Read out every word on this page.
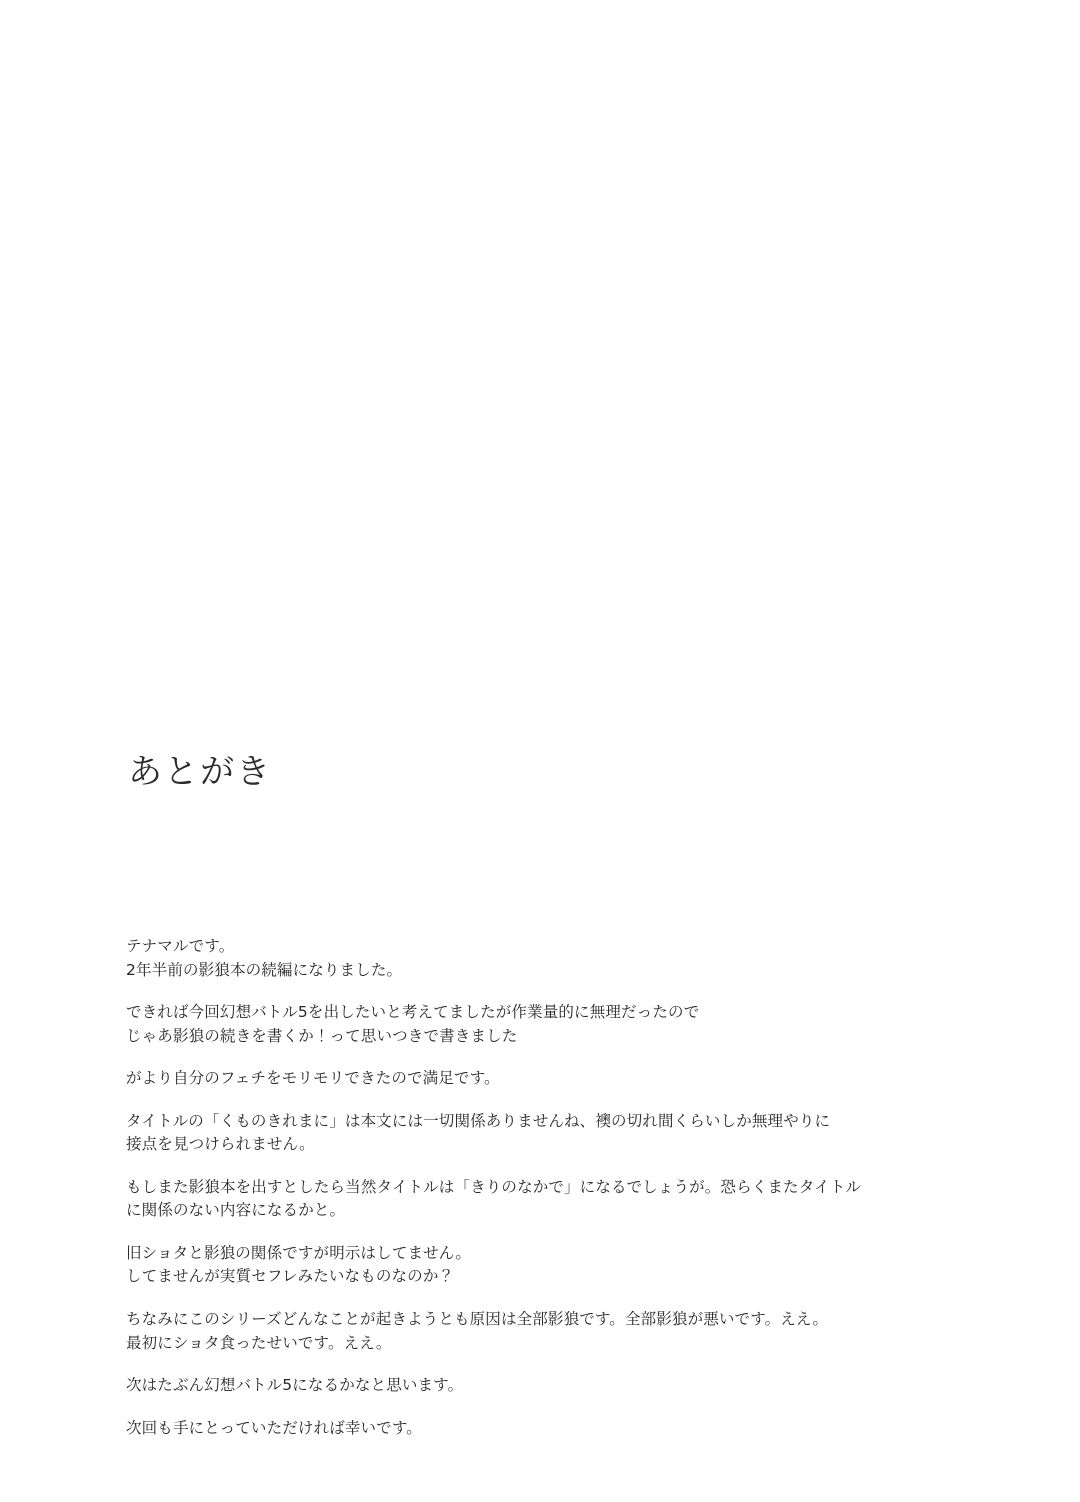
あとがき

テナマルです。
2年半前の影狼本の続編になりました。

できれば今回幻想バトル5を出したいと考えてましたが作業量的に無理だったので
じゃあ影狼の続きを書くか！って思いつきで書きました

がより自分のフェチをモリモリできたので満足です。

タイトルの「くものきれまに」は本文には一切関係ありませんね、襖の切れ間くらいしか無理やりに
接点を見つけられません。

もしまた影狼本を出すとしたら当然タイトルは「きりのなかで」になるでしょうが。恐らくまたタイトル
に関係のない内容になるかと。

旧ショタと影狼の関係ですが明示はしてません。
してませんが実質セフレみたいなものなのか？

ちなみにこのシリーズどんなことが起きようとも原因は全部影狼です。全部影狼が悪いです。ええ。
最初にショタ食ったせいです。ええ。

次はたぶん幻想バトル5になるかなと思います。

次回も手にとっていただければ幸いです。
